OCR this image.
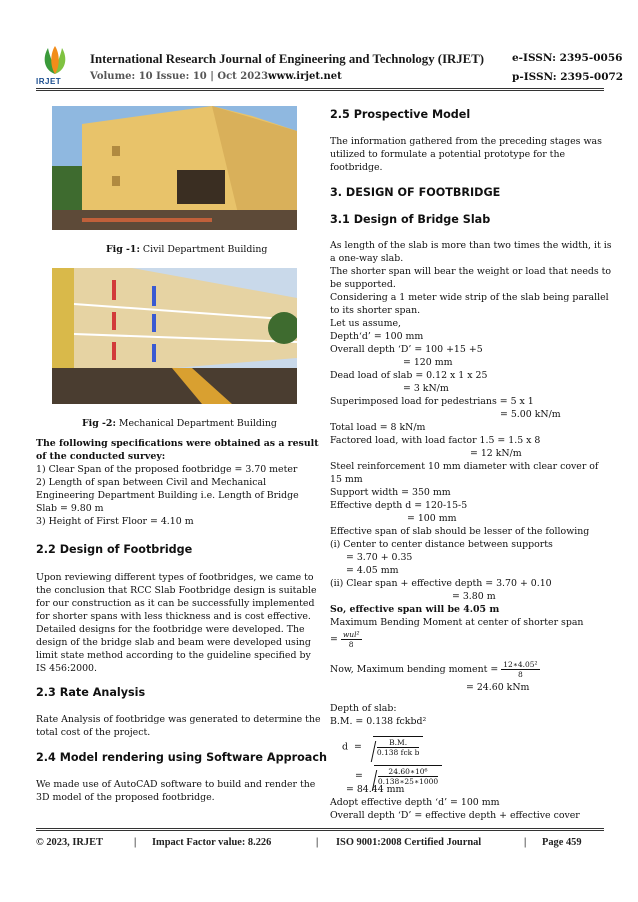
IRJET
International Research Journal of Engineering and Technology (IRJET)	e-ISSN: 2395-0056
Volume: 10 Issue: 10 | Oct 2023 www.irjet.net	p-ISSN: 2395-0072
Fig -1: Civil Department Building
Fig -2: Mechanical Department Building
The following specifications were obtained as a result
of the conducted survey:
1) Clear Span of the proposed footbridge = 3.70 meter
2) Length of span between Civil and Mechanical
Engineering Department Building i.e. Length of Bridge
Slab = 9.80 m
3) Height of First Floor = 4.10 m
2.2 Design of Footbridge
Upon reviewing different types of footbridges, we came to
the conclusion that RCC Slab Footbridge design is suitable
for our construction as it can be successfully implemented
for shorter spans with less thickness and is cost effective.
Detailed designs for the footbridge were developed. The
design of the bridge slab and beam were developed using
limit state method according to the guideline specified by
IS 456:2000.
2.3 Rate Analysis
Rate Analysis of footbridge was generated to determine the
total cost of the project.
2.4 Model rendering using Software Approach
We made use of AutoCAD software to build and render the
3D model of the proposed footbridge.
2.5 Prospective Model
The information gathered from the preceding stages was
utilized to formulate a potential prototype for the
footbridge.
3. DESIGN OF FOOTBRIDGE
3.1 Design of Bridge Slab
As length of the slab is more than two times the width, it is
a one-way slab.
The shorter span will bear the weight or load that needs to
be supported.
Considering a 1 meter wide strip of the slab being parallel
to its shorter span.
Let us assume,
Depth‘d’ = 100 mm
Overall depth ‘D’ = 100 +15 +5
= 120 mm
Dead load of slab = 0.12 x 1 x 25
= 3 kN/m
Superimposed load for pedestrians = 5 x 1
= 5.00 kN/m
Total load = 8 kN/m
Factored load, with load factor 1.5 = 1.5 x 8
= 12 kN/m
Steel reinforcement 10 mm diameter with clear cover of
15 mm
Support width = 350 mm
Effective depth d = 120-15-5
= 100 mm
Effective span of slab should be lesser of the following
(i) Center to center distance between supports
= 3.70 + 0.35
= 4.05 mm
(ii) Clear span + effective depth = 3.70 + 0.10
= 3.80 m
So, effective span will be 4.05 m
Maximum Bending Moment at center of shorter span
= $\frac{\text{wul²}}{8}$
Now, Maximum bending moment = $\frac{\text{12∗4.05²}}{8}$
= 24.60 kNm
Depth of slab:
B.M. = 0.138 fckbd²
$d = \frac{B.M.}{\text{0.138 fck b}}$
= $\frac{\text{24.60∗10⁶}}{0.138∗25∗1000}$
= 84.44 mm
Adopt effective depth ‘d’ = 100 mm
Overall depth ‘D’ = effective depth + effective cover
© 2023, IRJET	| Impact Factor value: 8.226	| ISO 9001:2008 Certified Journal	| Page 459
